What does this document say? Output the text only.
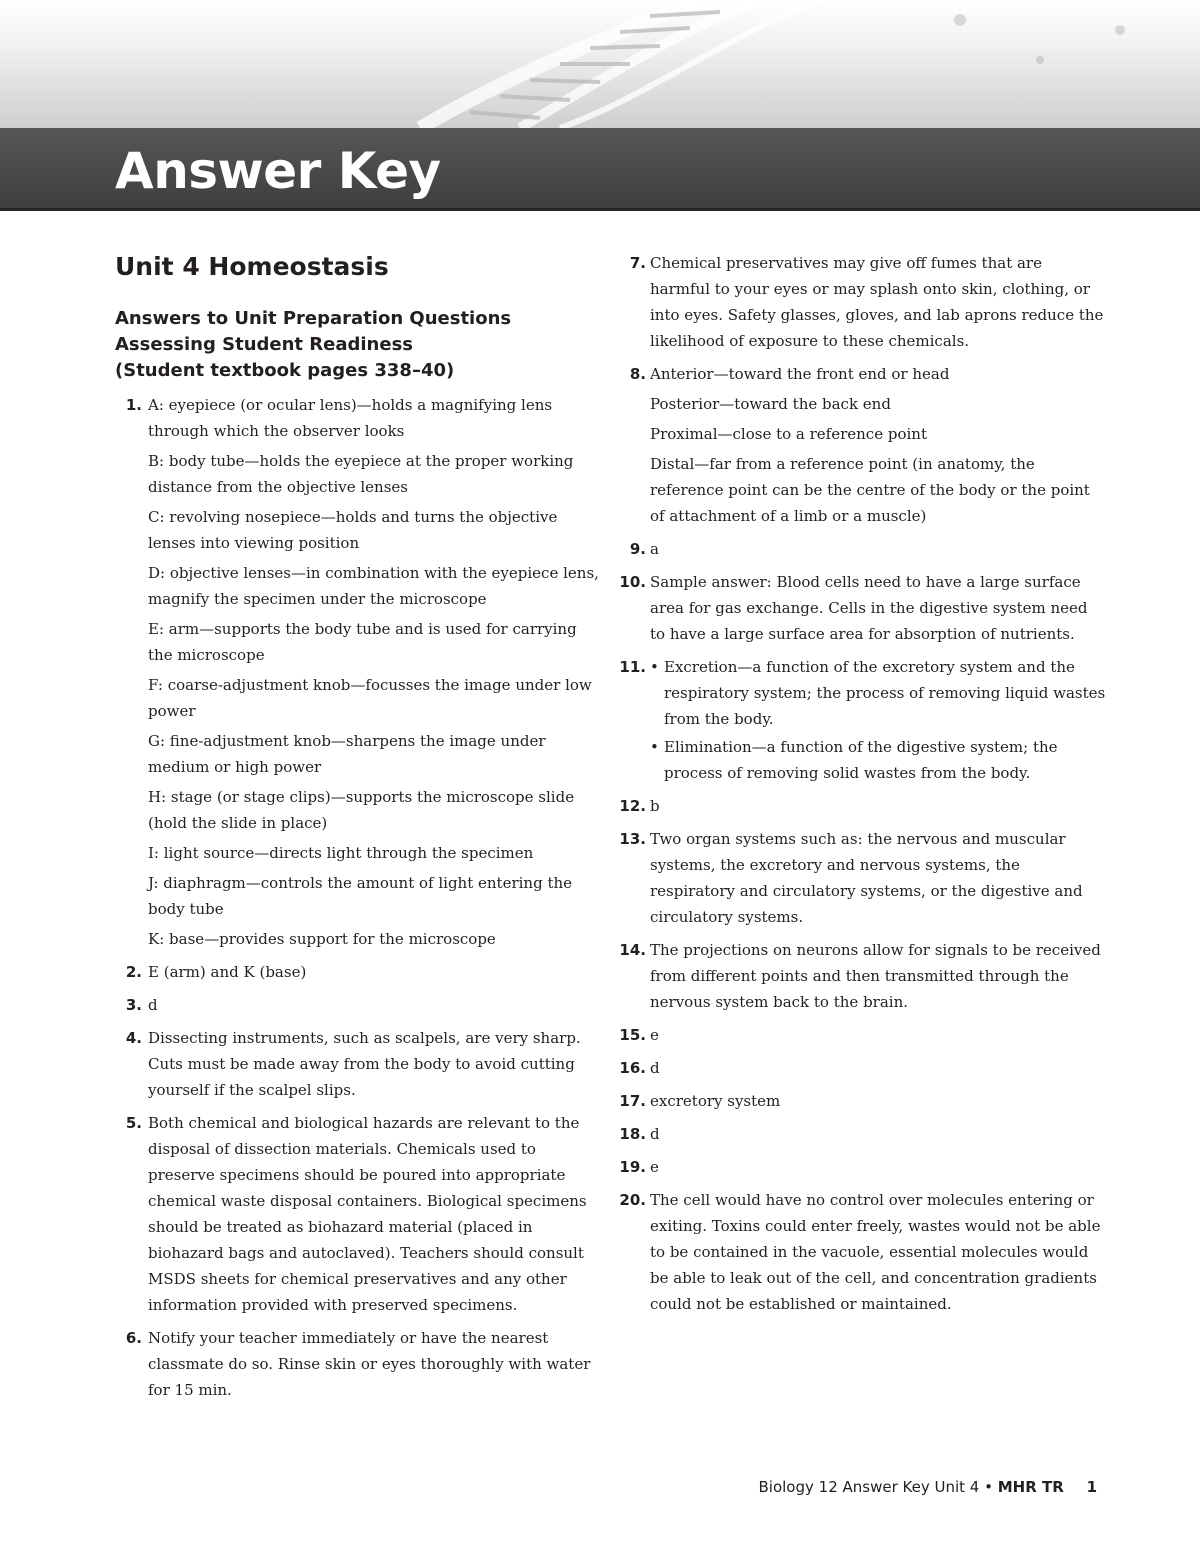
Answer Key
Unit 4 Homeostasis
Answers to Unit Preparation Questions
Assessing Student Readiness
(Student textbook pages 338–40)
1. A: eyepiece (or ocular lens)—holds a magnifying lens through which the observer looks

B: body tube—holds the eyepiece at the proper working distance from the objective lenses

C: revolving nosepiece—holds and turns the objective lenses into viewing position

D: objective lenses—in combination with the eyepiece lens, magnify the specimen under the microscope

E: arm—supports the body tube and is used for carrying the microscope

F: coarse-adjustment knob—focusses the image under low power

G: fine-adjustment knob—sharpens the image under medium or high power

H: stage (or stage clips)—supports the microscope slide (hold the slide in place)

I: light source—directs light through the specimen

J: diaphragm—controls the amount of light entering the body tube

K: base—provides support for the microscope

2. E (arm) and K (base)

3. d

4. Dissecting instruments, such as scalpels, are very sharp. Cuts must be made away from the body to avoid cutting yourself if the scalpel slips.

5. Both chemical and biological hazards are relevant to the disposal of dissection materials. Chemicals used to preserve specimens should be poured into appropriate chemical waste disposal containers. Biological specimens should be treated as biohazard material (placed in biohazard bags and autoclaved). Teachers should consult MSDS sheets for chemical preservatives and any other information provided with preserved specimens.

6. Notify your teacher immediately or have the nearest classmate do so. Rinse skin or eyes thoroughly with water for 15 min.

7. Chemical preservatives may give off fumes that are harmful to your eyes or may splash onto skin, clothing, or into eyes. Safety glasses, gloves, and lab aprons reduce the likelihood of exposure to these chemicals.

8. Anterior—toward the front end or head

Posterior—toward the back end

Proximal—close to a reference point

Distal—far from a reference point (in anatomy, the reference point can be the centre of the body or the point of attachment of a limb or a muscle)

9. a

10. Sample answer: Blood cells need to have a large surface area for gas exchange. Cells in the digestive system need to have a large surface area for absorption of nutrients.

11. • Excretion—a function of the excretory system and the respiratory system; the process of removing liquid wastes from the body.
• Elimination—a function of the digestive system; the process of removing solid wastes from the body.
12. b

13. Two organ systems such as: the nervous and muscular systems, the excretory and nervous systems, the respiratory and circulatory systems, or the digestive and circulatory systems.

14. The projections on neurons allow for signals to be received from different points and then transmitted through the nervous system back to the brain.

15. e

16. d

17. excretory system

18. d

19. e

20. The cell would have no control over molecules entering or exiting. Toxins could enter freely, wastes would not be able to be contained in the vacuole, essential molecules would be able to leak out of the cell, and concentration gradients could not be established or maintained.

Biology 12 Answer Key Unit 4 • MHR TR 1
